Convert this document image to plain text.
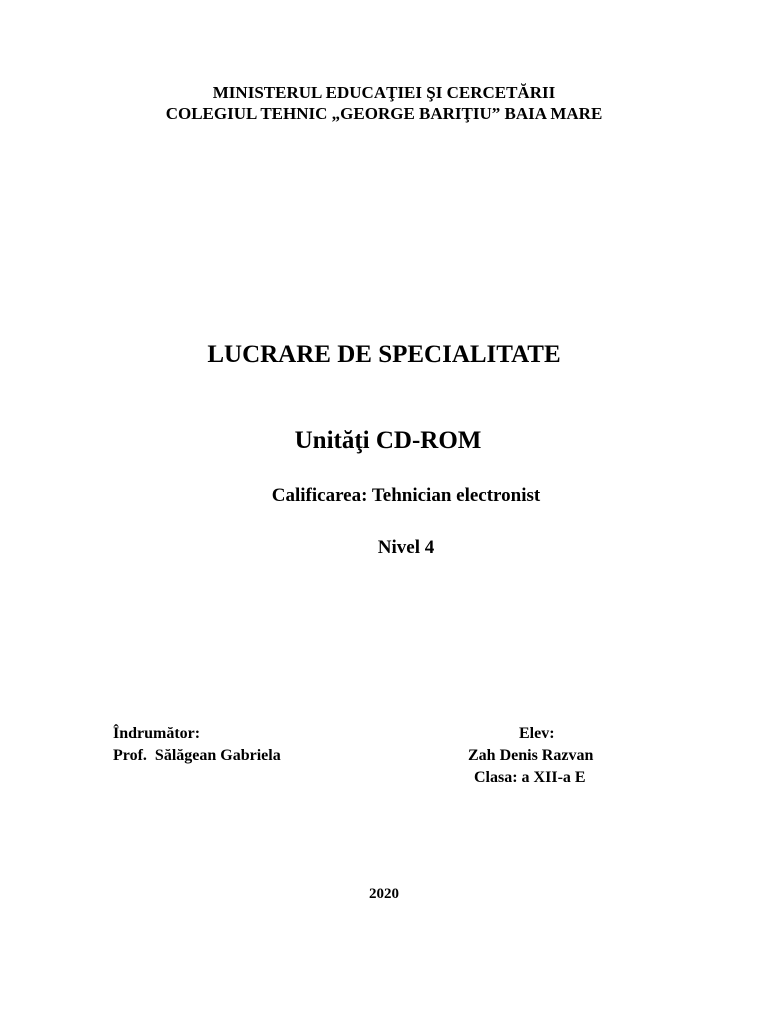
MINISTERUL EDUCAŢIEI ŞI CERCETĂRII
COLEGIUL TEHNIC „GEORGE BARIŢIU” BAIA MARE
LUCRARE DE SPECIALITATE
Unităţi CD-ROM
Calificarea: Tehnician electronist
Nivel 4
Îndrumător:
Prof.  Sălăgean Gabriela
Elev:
Zah Denis Razvan
Clasa: a XII-a E
2020
